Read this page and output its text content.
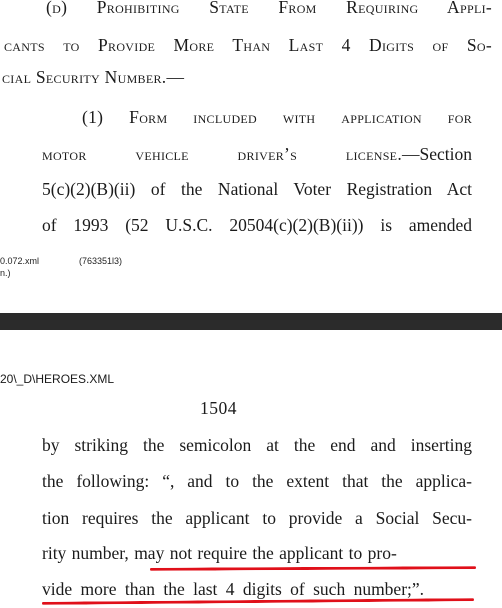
(d) Prohibiting State From Requiring Appli-
cants to Provide More Than Last 4 Digits of So-
cial Security Number.—
(1) Form included with application for
motor vehicle driver’s license.—Section
5(c)(2)(B)(ii) of the National Voter Registration Act
of 1993 (52 U.S.C. 20504(c)(2)(B)(ii)) is amended
0.072.xml	(763351l3)
n.)
20\_D\HEROES.XML
1504
by striking the semicolon at the end and inserting
the following: “, and to the extent that the applica-
tion requires the applicant to provide a Social Secu-
rity number, may not require the applicant to pro-
vide more than the last 4 digits of such number;”.
